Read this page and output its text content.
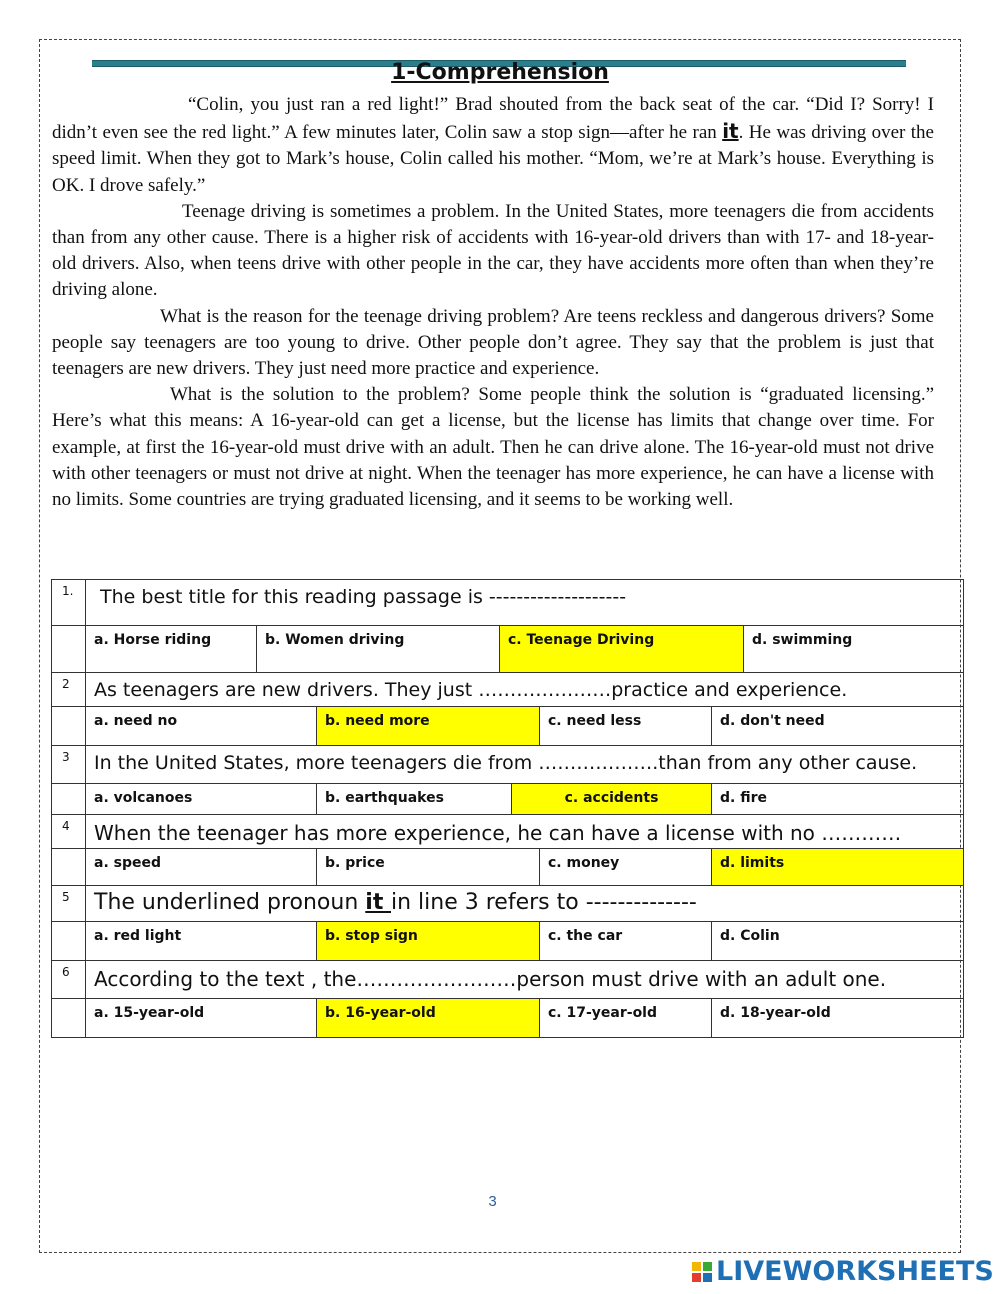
1-Comprehension

“Colin, you just ran a red light!” Brad shouted from the back seat of the car. “Did I? Sorry! I didn’t even see the red light.” A few minutes later, Colin saw a stop sign—after he ran it. He was driving over the speed limit. When they got to Mark’s house, Colin called his mother. “Mom, we’re at Mark’s house. Everything is OK. I drove safely.”

Teenage driving is sometimes a problem. In the United States, more teenagers die from accidents than from any other cause. There is a higher risk of accidents with 16-year-old drivers than with 17- and 18-year-old drivers. Also, when teens drive with other people in the car, they have accidents more often than when they’re driving alone.

What is the reason for the teenage driving problem? Are teens reckless and dangerous drivers? Some people say teenagers are too young to drive. Other people don’t agree. They say that the problem is just that teenagers are new drivers. They just need more practice and experience.

What is the solution to the problem? Some people think the solution is “graduated licensing.” Here’s what this means: A 16-year-old can get a license, but the license has limits that change over time. For example, at first the 16-year-old must drive with an adult. Then he can drive alone. The 16-year-old must not drive with other teenagers or must not drive at night. When the teenager has more experience, he can have a license with no limits. Some countries are trying graduated licensing, and it seems to be working well.

1.	The best title for this reading passage is --------------------

	a. Horse riding b. Women driving c. Teenage Driving d. swimming

2	As teenagers are new drivers. They just …………………practice and experience.

	a. need no b. need more c. need less d. don't need

3	In the United States, more teenagers die from ……………….than from any other cause.

	a. volcanoes b. earthquakes c. accidents d. fire

4	When the teenager has more experience, he can have a license with no …………

	a. speed b. price c. money d. limits

5	The underlined pronoun it in line 3 refers to --------------

	a. red light b. stop sign c. the car d. Colin

6	According to the text , the……………………person must drive with an adult one.

	a. 15-year-old b. 16-year-old c. 17-year-old d. 18-year-old
3
LIVEWORKSHEETS
